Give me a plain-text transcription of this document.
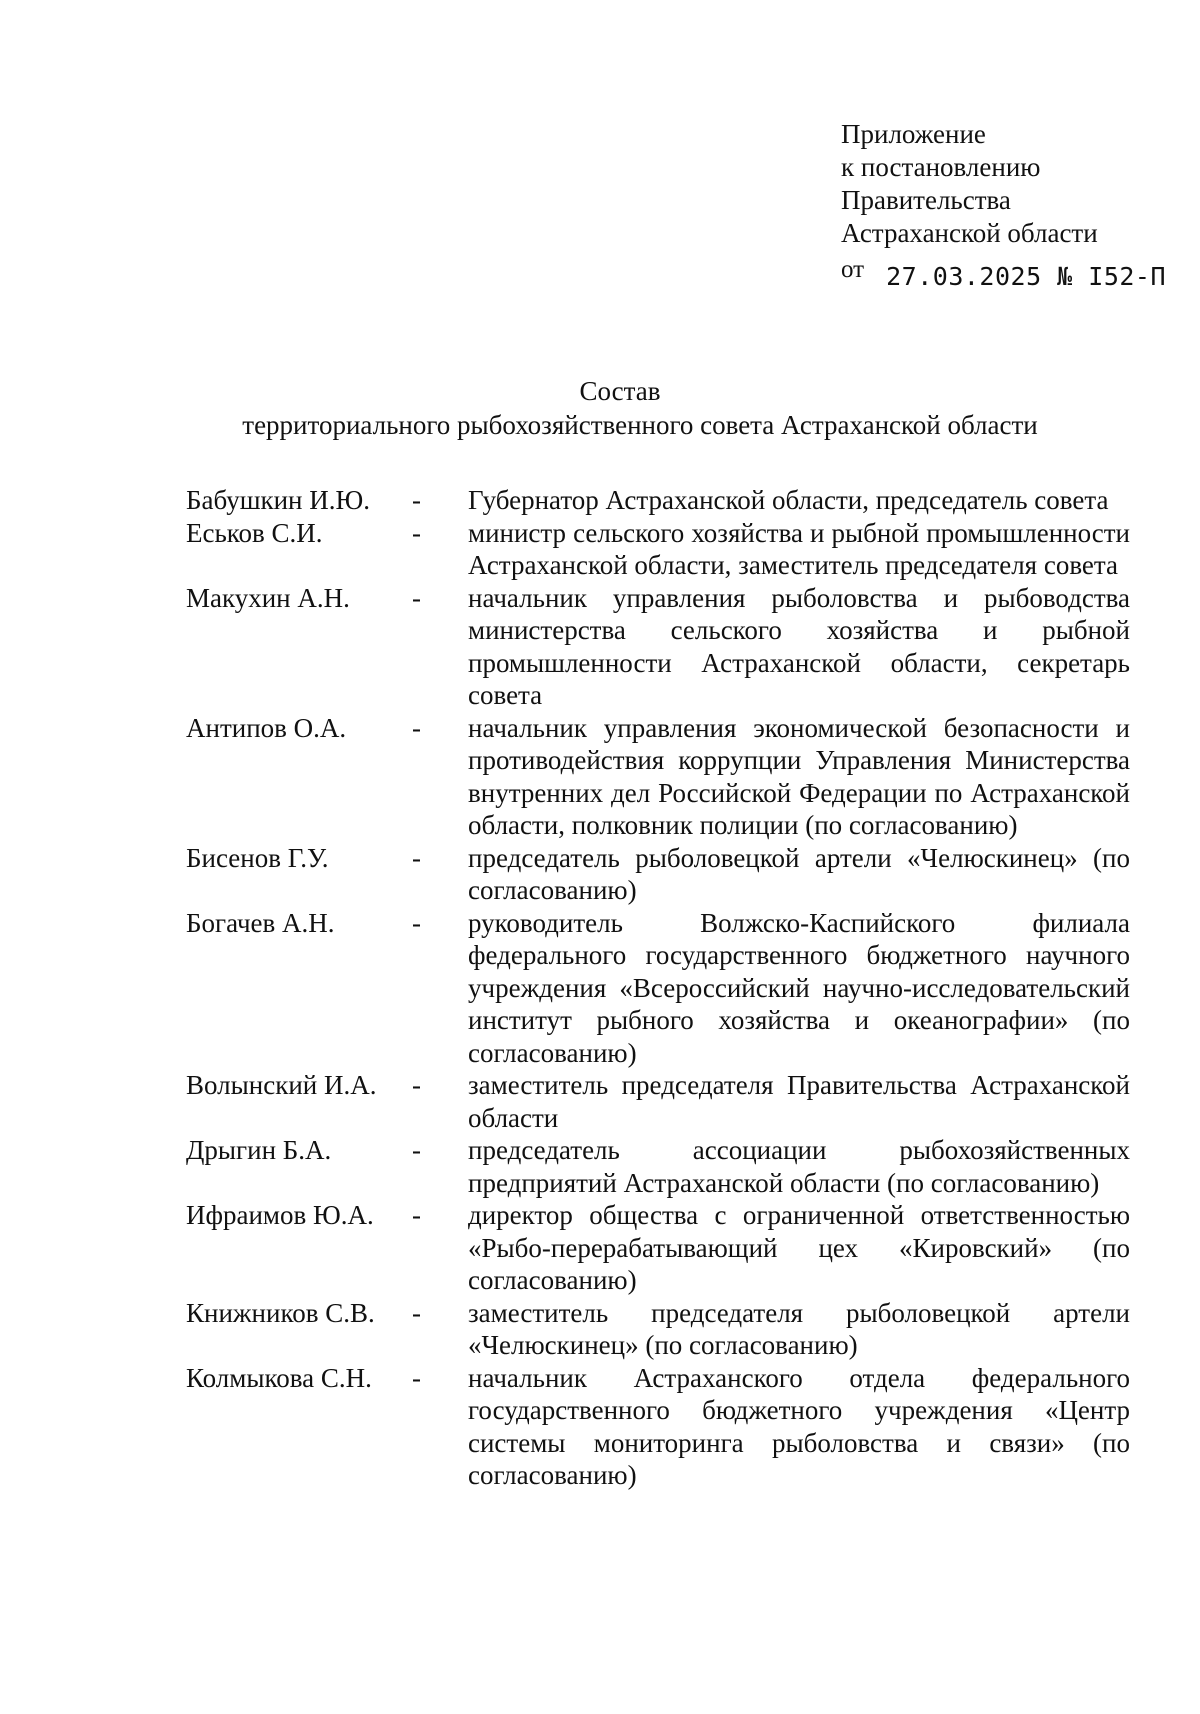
Приложение
к постановлению
Правительства
Астраханской области
от 27.03.2025 № I52-П
Состав
территориального рыбохозяйственного совета Астраханской области
Бабушкин И.Ю.	-	Губернатор Астраханской области, председатель совета
Еськов С.И.	-	министр сельского хозяйства и рыбной промышленности Астраханской области, заместитель председателя совета
Макухин А.Н.	-	начальник управления рыболовства и рыбоводства министерства сельского хозяйства и рыбной промышленности Астраханской области, секретарь совета
Антипов О.А.	-	начальник управления экономической безопасности и противодействия коррупции Управления Министерства внутренних дел Российской Федерации по Астраханской области, полковник полиции (по согласованию)
Бисенов Г.У.	-	председатель рыболовецкой артели «Челюскинец» (по согласованию)
Богачев А.Н.	-	руководитель Волжско-Каспийского филиала федерального государственного бюджетного научного учреждения «Всероссийский научно-исследовательский институт рыбного хозяйства и океанографии» (по согласованию)
Волынский И.А.	-	заместитель председателя Правительства Астраханской области
Дрыгин Б.А.	-	председатель ассоциации рыбохозяйственных предприятий Астраханской области (по согласованию)
Ифраимов Ю.А.	-	директор общества с ограниченной ответственностью «Рыбо-перерабатывающий цех «Кировский» (по согласованию)
Книжников С.В.	-	заместитель председателя рыболовецкой артели «Челюскинец» (по согласованию)
Колмыкова С.Н.	-	начальник Астраханского отдела федерального государственного бюджетного учреждения «Центр системы мониторинга рыболовства и связи» (по согласованию)
